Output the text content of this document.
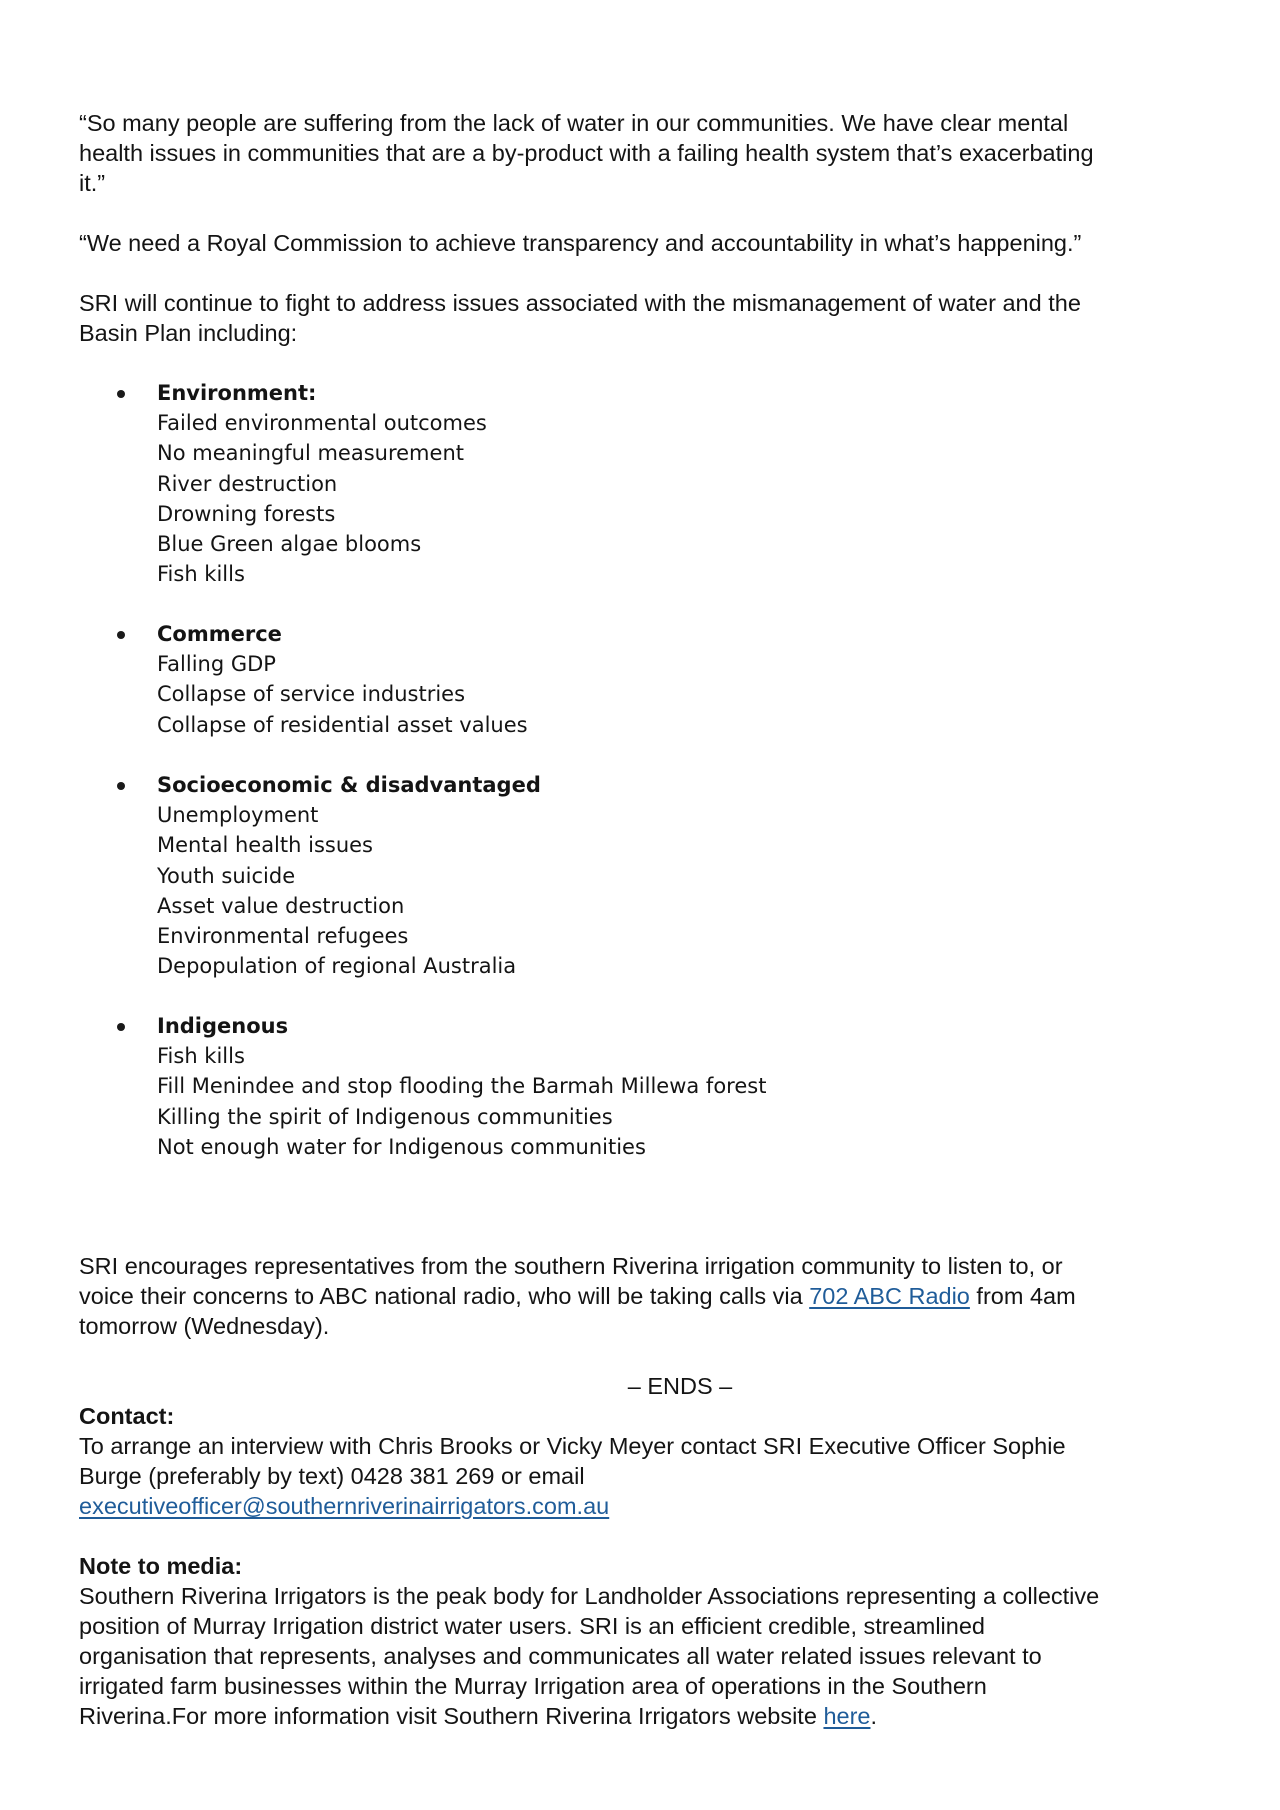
“So many people are suffering from the lack of water in our communities. We have clear mental
health issues in communities that are a by-product with a failing health system that’s exacerbating
it.”

“We need a Royal Commission to achieve transparency and accountability in what’s happening.”

SRI will continue to fight to address issues associated with the mismanagement of water and the
Basin Plan including:

Environment:
Failed environmental outcomes
No meaningful measurement
River destruction
Drowning forests
Blue Green algae blooms
Fish kills
Commerce
Falling GDP
Collapse of service industries
Collapse of residential asset values
Socioeconomic & disadvantaged
Unemployment
Mental health issues
Youth suicide
Asset value destruction
Environmental refugees
Depopulation of regional Australia
Indigenous
Fish kills
Fill Menindee and stop flooding the Barmah Millewa forest
Killing the spirit of Indigenous communities
Not enough water for Indigenous communities

SRI encourages representatives from the southern Riverina irrigation community to listen to, or
voice their concerns to ABC national radio, who will be taking calls via 702 ABC Radio from 4am
tomorrow (Wednesday).

– ENDS –
Contact:
To arrange an interview with Chris Brooks or Vicky Meyer contact SRI Executive Officer Sophie
Burge (preferably by text) 0428 381 269 or email
executiveofficer@southernriverinairrigators.com.au
Note to media:
Southern Riverina Irrigators is the peak body for Landholder Associations representing a collective
position of Murray Irrigation district water users. SRI is an efficient credible, streamlined
organisation that represents, analyses and communicates all water related issues relevant to
irrigated farm businesses within the Murray Irrigation area of operations in the Southern
Riverina.For more information visit Southern Riverina Irrigators website here.
